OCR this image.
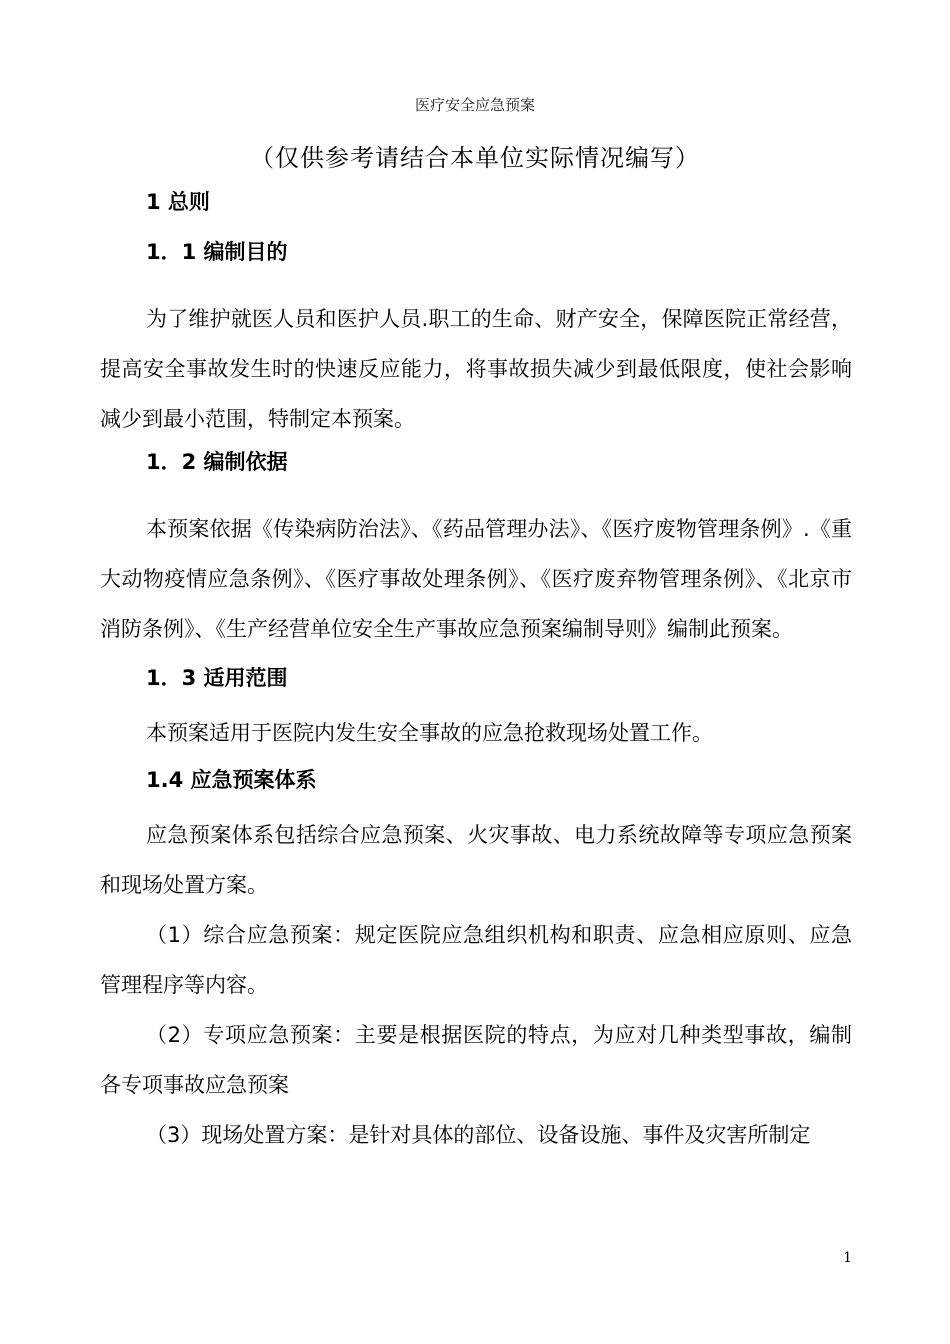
医疗安全应急预案
（仅供参考请结合本单位实际情况编写）
1 总则
1．1 编制目的
为了维护就医人员和医护人员.职工的生命、财产安全，保障医院正常经营，提高安全事故发生时的快速反应能力，将事故损失减少到最低限度，使社会影响减少到最小范围，特制定本预案。
1．2 编制依据
本预案依据《传染病防治法》、《药品管理办法》、《医疗废物管理条例》.《重大动物疫情应急条例》、《医疗事故处理条例》、《医疗废弃物管理条例》、《北京市消防条例》、《生产经营单位安全生产事故应急预案编制导则》编制此预案。
1．3 适用范围
本预案适用于医院内发生安全事故的应急抢救现场处置工作。
1.4 应急预案体系
应急预案体系包括综合应急预案、火灾事故、电力系统故障等专项应急预案和现场处置方案。
（1）综合应急预案：规定医院应急组织机构和职责、应急相应原则、应急管理程序等内容。
（2）专项应急预案：主要是根据医院的特点，为应对几种类型事故，编制各专项事故应急预案
（3）现场处置方案：是针对具体的部位、设备设施、事件及灾害所制定
1
